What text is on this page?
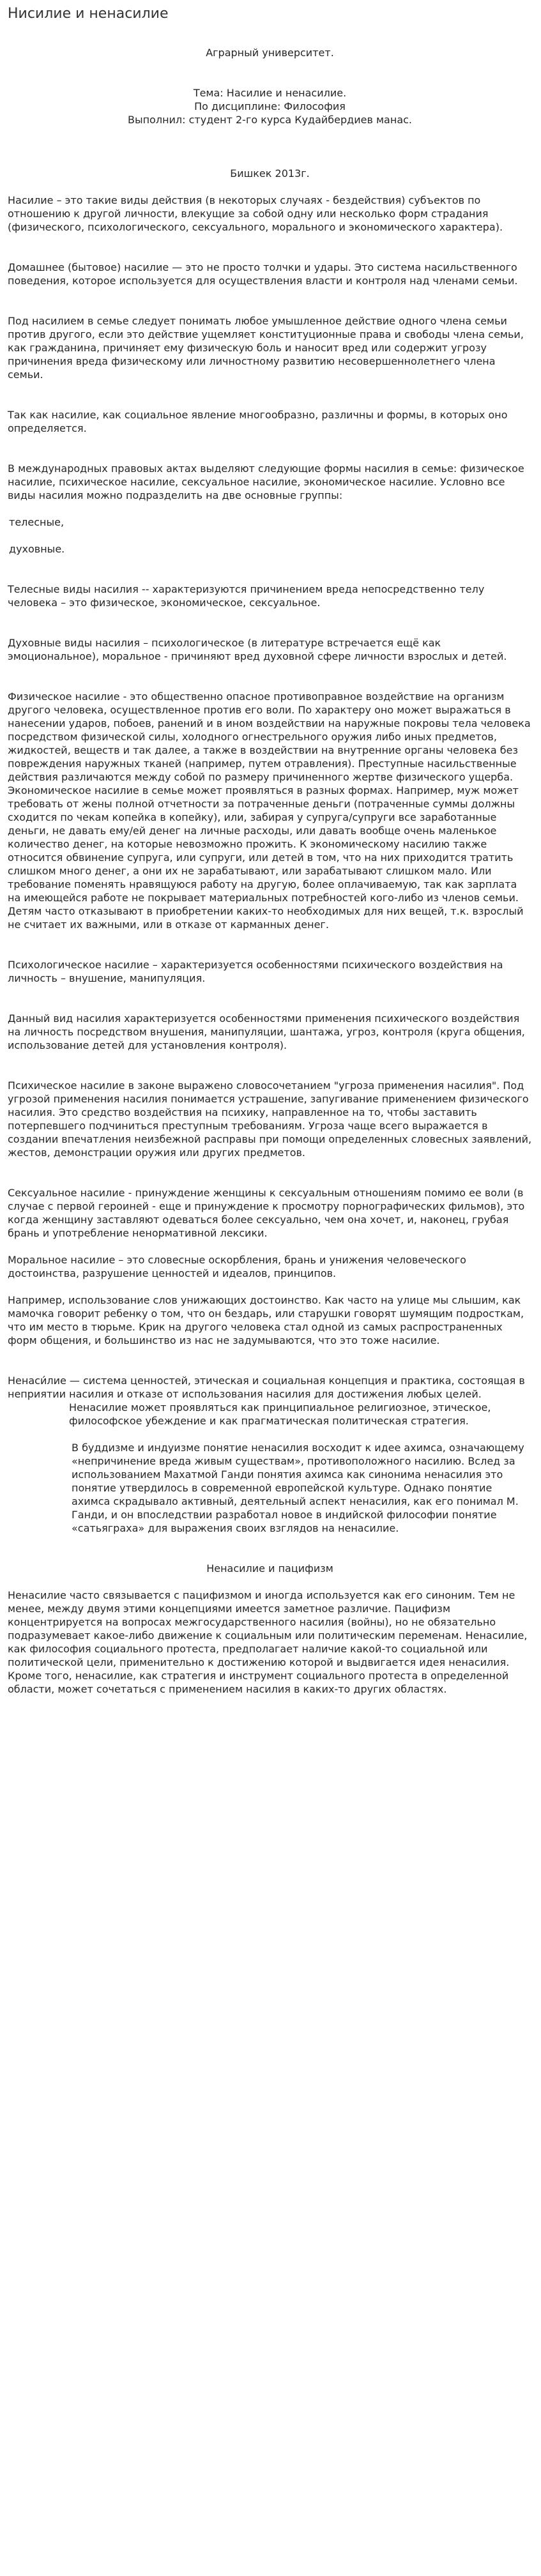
Нисилие и ненасилие

Аграрный университет.

Тема: Насилие и ненасилие.

По дисциплине: Философия

Выполнил: студент 2-го курса Кудайбердиев манас.

Бишкек 2013г.

Насилие – это такие виды действия (в некоторых случаях - бездействия) субъектов по отношению к другой личности, влекущие за собой одну или несколько форм страдания (физического, психологического, сексуального, морального и экономического характера).

Домашнее (бытовое) насилие — это не просто толчки и удары. Это система насильственного поведения, которое используется для осуществления власти и контроля над членами семьи.

Под насилием в семье следует понимать любое умышленное действие одного члена семьи против другого, если это действие ущемляет конституционные права и свободы члена семьи, как гражданина, причиняет ему физическую боль и наносит вред или содержит угрозу причинения вреда физическому или личностному развитию несовершеннолетнего члена семьи.

Так как насилие, как социальное явление многообразно, различны и формы, в которых оно определяется.

В международных правовых актах выделяют следующие формы насилия в семье: физическое насилие, психическое насилие, сексуальное насилие, экономическое насилие. Условно все виды насилия можно подразделить на две основные группы:

телесные,

духовные.

Телесные виды насилия -- характеризуются причинением вреда непосредственно телу человека – это физическое, экономическое, сексуальное.

Духовные виды насилия – психологическое (в литературе встречается ещё как эмоциональное), моральное - причиняют вред духовной сфере личности взрослых и детей.

Физическое насилие - это общественно опасное противоправное воздействие на организм другого человека, осуществленное против его воли. По характеру оно может выражаться в нанесении ударов, побоев, ранений и в ином воздействии на наружные покровы тела человека посредством физической силы, холодного огнестрельного оружия либо иных предметов, жидкостей, веществ и так далее, а также в воздействии на внутренние органы человека без повреждения наружных тканей (например, путем отравления). Преступные насильственные действия различаются между собой по размеру причиненного жертве физического ущерба.

Экономическое насилие в семье может проявляться в разных формах. Например, муж может требовать от жены полной отчетности за потраченные деньги (потраченные суммы должны сходится по чекам копейка в копейку), или, забирая у супруга/супруги все заработанные деньги, не давать ему/ей денег на личные расходы, или давать вообще очень маленькое количество денег, на которые невозможно прожить. К экономическому насилию также относится обвинение супруга, или супруги, или детей в том, что на них приходится тратить слишком много денег, а они их не зарабатывают, или зарабатывают слишком мало. Или требование поменять нравящуюся работу на другую, более оплачиваемую, так как зарплата на имеющейся работе не покрывает материальных потребностей кого-либо из членов семьи. Детям часто отказывают в приобретении каких-то необходимых для них вещей, т.к. взрослый не считает их важными, или в отказе от карманных денег.

Психологическое насилие – характеризуется особенностями психического воздействия на личность – внушение, манипуляция.

Данный вид насилия характеризуется особенностями применения психического воздействия на личность посредством внушения, манипуляции, шантажа, угроз, контроля (круга общения, использование детей для установления контроля).

Психическое насилие в законе выражено словосочетанием "угроза применения насилия". Под угрозой применения насилия понимается устрашение, запугивание применением физического насилия. Это средство воздействия на психику, направленное на то, чтобы заставить потерпевшего подчиниться преступным требованиям. Угроза чаще всего выражается в создании впечатления неизбежной расправы при помощи определенных словесных заявлений, жестов, демонстрации оружия или других предметов.

Сексуальное насилие - принуждение женщины к сексуальным отношениям помимо ее воли (в случае с первой героиней - еще и принуждение к просмотру порнографических фильмов), это когда женщину заставляют одеваться более сексуально, чем она хочет, и, наконец, грубая брань и употребление ненормативной лексики.

Моральное насилие – это словесные оскорбления, брань и унижения человеческого достоинства, разрушение ценностей и идеалов, принципов.

Например, использование слов унижающих достоинство. Как часто на улице мы слышим, как мамочка говорит ребенку о том, что он бездарь, или старушки говорят шумящим подросткам, что им место в тюрьме. Крик на другого человека стал одной из самых распространенных форм общения, и большинство из нас не задумываются, что это тоже насилие.

Ненаси́лие — система ценностей, этическая и социальная концепция и практика, состоящая в неприятии насилия и отказе от использования насилия для достижения любых целей.

Ненасилие может проявляться как принципиальное религиозное, этическое, философское убеждение и как прагматическая политическая стратегия.

В буддизме и индуизме понятие ненасилия восходит к идее ахимса, означающему «непричинение вреда живым существам», противоположного насилию. Вслед за использованием Махатмой Ганди понятия ахимса как синонима ненасилия это понятие утвердилось в современной европейской культуре. Однако понятие ахимса скрадывало активный, деятельный аспект ненасилия, как его понимал М. Ганди, и он впоследствии разработал новое в индийской философии понятие «сатьяграха» для выражения своих взглядов на ненасилие.

Ненасилие и пацифизм

Ненасилие часто связывается с пацифизмом и иногда используется как его синоним. Тем не менее, между двумя этими концепциями имеется заметное различие. Пацифизм концентрируется на вопросах межгосударственного насилия (войны), но не обязательно подразумевает какое-либо движение к социальным или политическим переменам. Ненасилие, как философия социального протеста, предполагает наличие какой-то социальной или политической цели, применительно к достижению которой и выдвигается идея ненасилия. Кроме того, ненасилие, как стратегия и инструмент социального протеста в определенной области, может сочетаться с применением насилия в каких-то других областях.
